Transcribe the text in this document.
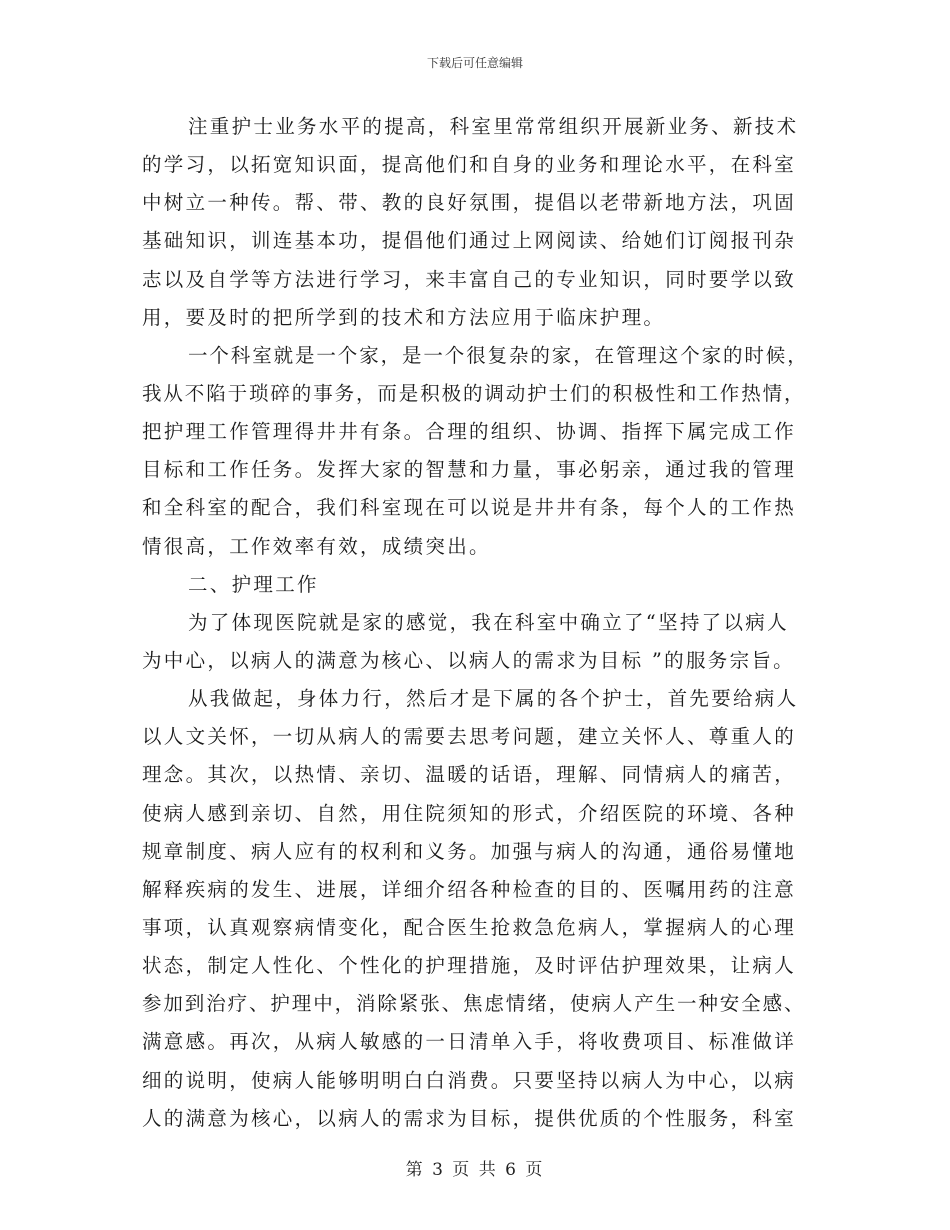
下载后可任意编辑
注重护士业务水平的提高，科室里常常组织开展新业务、新技术
的学习，以拓宽知识面，提高他们和自身的业务和理论水平，在科室
中树立一种传。帮、带、教的良好氛围，提倡以老带新地方法，巩固
基础知识，训连基本功，提倡他们通过上网阅读、给她们订阅报刊杂
志以及自学等方法进行学习，来丰富自己的专业知识，同时要学以致
用，要及时的把所学到的技术和方法应用于临床护理。
一个科室就是一个家，是一个很复杂的家，在管理这个家的时候，
我从不陷于琐碎的事务，而是积极的调动护士们的积极性和工作热情，
把护理工作管理得井井有条。合理的组织、协调、指挥下属完成工作
目标和工作任务。发挥大家的智慧和力量，事必躬亲，通过我的管理
和全科室的配合，我们科室现在可以说是井井有条，每个人的工作热
情很高，工作效率有效，成绩突出。
二、护理工作
为了体现医院就是家的感觉，我在科室中确立了“坚持了以病人
为中心，以病人的满意为核心、以病人的需求为目标 ”的服务宗旨。
从我做起，身体力行，然后才是下属的各个护士，首先要给病人
以人文关怀，一切从病人的需要去思考问题，建立关怀人、尊重人的
理念。其次，以热情、亲切、温暖的话语，理解、同情病人的痛苦，
使病人感到亲切、自然，用住院须知的形式，介绍医院的环境、各种
规章制度、病人应有的权利和义务。加强与病人的沟通，通俗易懂地
解释疾病的发生、进展，详细介绍各种检查的目的、医嘱用药的注意
事项，认真观察病情变化，配合医生抢救急危病人，掌握病人的心理
状态，制定人性化、个性化的护理措施，及时评估护理效果，让病人
参加到治疗、护理中，消除紧张、焦虑情绪，使病人产生一种安全感、
满意感。再次，从病人敏感的一日清单入手，将收费项目、标准做详
细的说明，使病人能够明明白白消费。只要坚持以病人为中心，以病
人的满意为核心，以病人的需求为目标，提供优质的个性服务，科室
第 3 页 共 6 页
